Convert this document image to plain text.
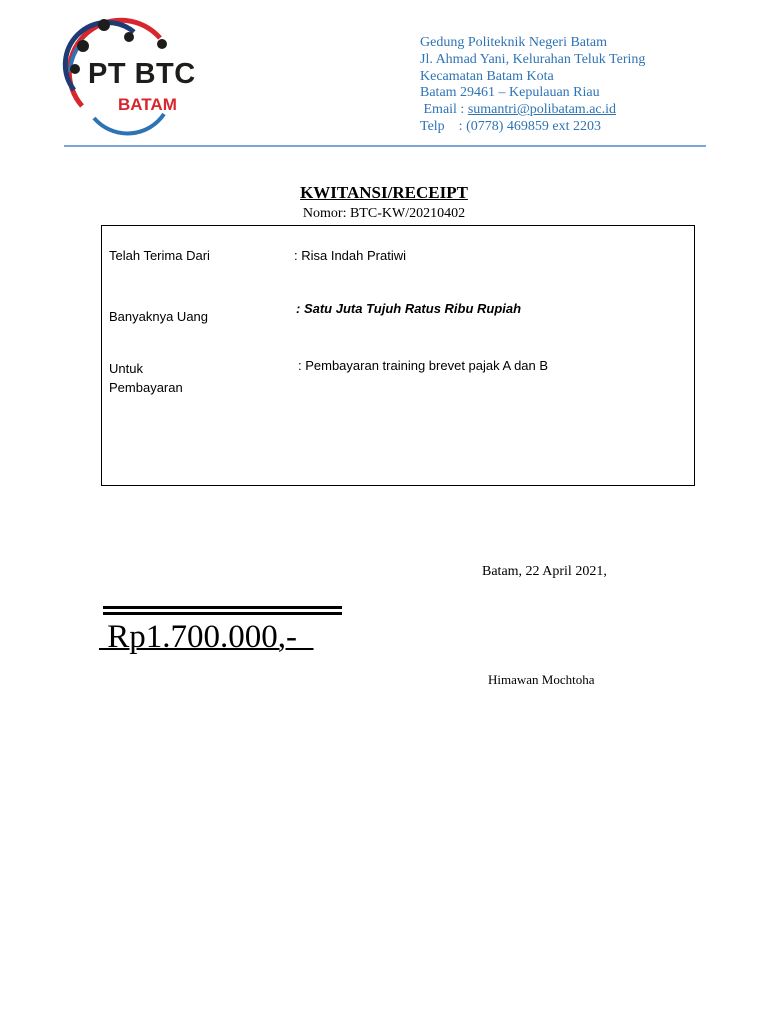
PT BTC
BATAM
Gedung Politeknik Negeri Batam
Jl. Ahmad Yani, Kelurahan Teluk Tering
Kecamatan Batam Kota
Batam 29461 – Kepulauan Riau
Email : sumantri@polibatam.ac.id
Telp    : (0778) 469859 ext 2203
KWITANSI/RECEIPT
Nomor: BTC-KW/20210402
Telah Terima Dari	: Risa Indah Pratiwi
Banyaknya Uang
: Satu Juta Tujuh Ratus Ribu Rupiah
Untuk Pembayaran
: Pembayaran training brevet pajak A dan B
Batam, 22 April 2021,
Rp1.700.000,-
Himawan Mochtoha
